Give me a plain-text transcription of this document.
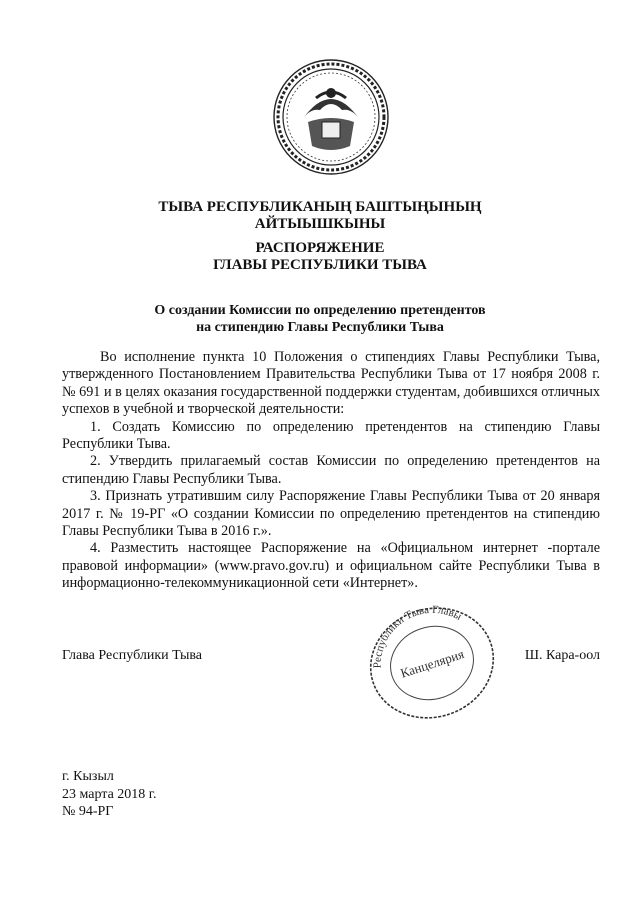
ТЫВА РЕСПУБЛИКАНЫҢ БАШТЫҢЫНЫҢ
АЙТЫЫШКЫНЫ
РАСПОРЯЖЕНИЕ
ГЛАВЫ РЕСПУБЛИКИ ТЫВА
О создании Комиссии по определению претендентов
на стипендию Главы Республики Тыва

Во исполнение пункта 10 Положения о стипендиях Главы Республики Тыва, утвержденного Постановлением Правительства Республики Тыва от 17 ноября 2008 г. № 691 и в целях оказания государственной поддержки студентам, добившихся отличных успехов в учебной и творческой деятельности:

1. Создать Комиссию по определению претендентов на стипендию Главы Республики Тыва.

2. Утвердить прилагаемый состав Комиссии по определению претендентов на стипендию Главы Республики Тыва.

3. Признать утратившим силу Распоряжение Главы Республики Тыва от 20 января 2017 г. № 19-РГ «О создании Комиссии по определению претендентов на стипендию Главы Республики Тыва в 2016 г.».

4. Разместить настоящее Распоряжение на «Официальном интернет -портале правовой информации» (www.pravo.gov.ru) и официальном сайте Республики Тыва в информационно-телекоммуникационной сети «Интернет».

Глава Республики Тыва	Ш. Кара-оол
Республики Тыва Главы
Канцелярия
г. Кызыл
23 марта 2018 г.
№ 94-РГ
